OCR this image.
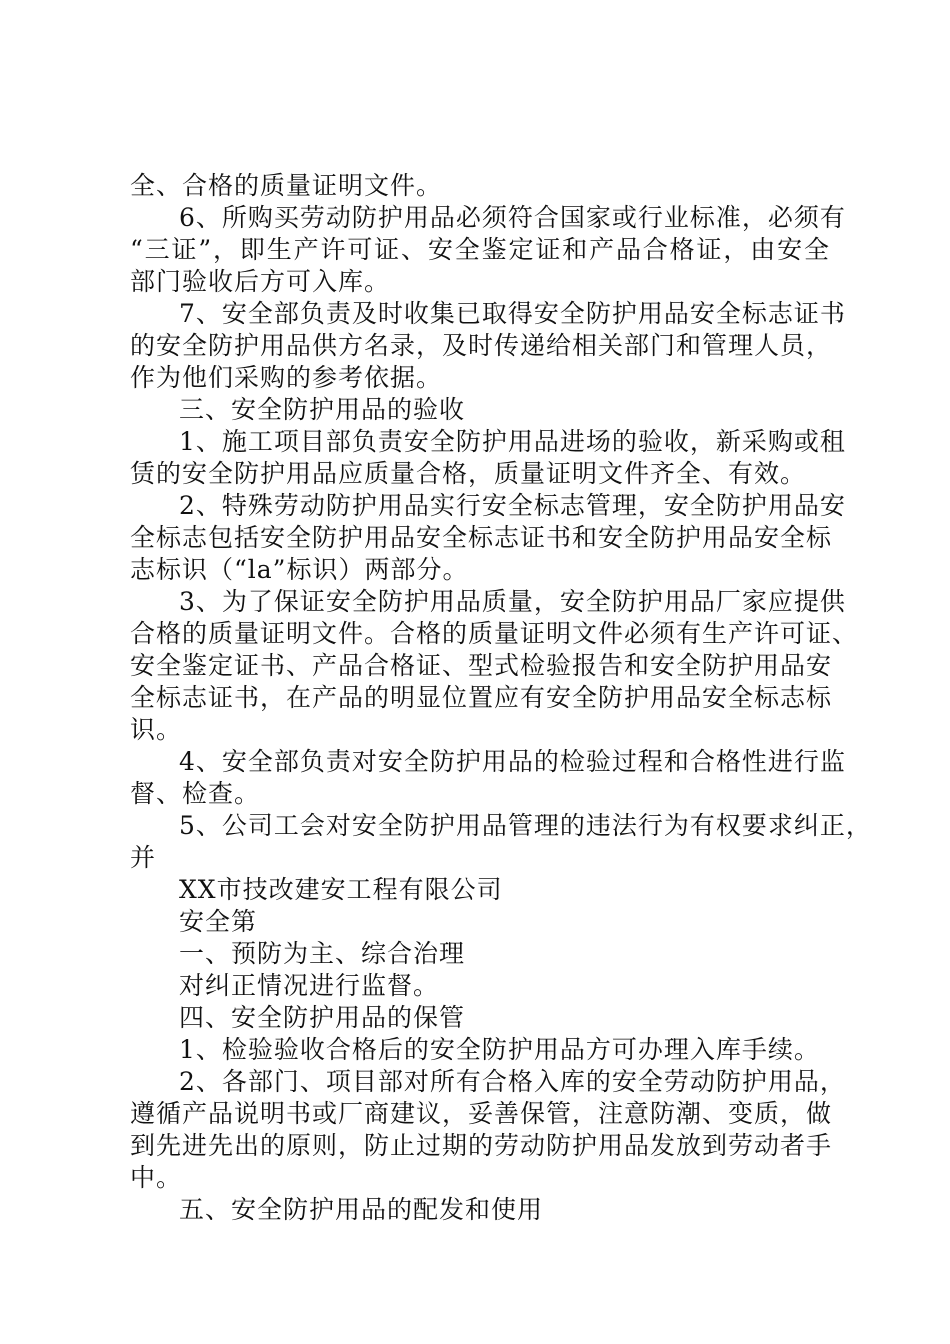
全、合格的质量证明文件。
6、所购买劳动防护用品必须符合国家或行业标准，必须有
“三证”，即生产许可证、安全鉴定证和产品合格证，由安全
部门验收后方可入库。
7、安全部负责及时收集已取得安全防护用品安全标志证书
的安全防护用品供方名录，及时传递给相关部门和管理人员，
作为他们采购的参考依据。
三、安全防护用品的验收
1、施工项目部负责安全防护用品进场的验收，新采购或租
赁的安全防护用品应质量合格，质量证明文件齐全、有效。
2、特殊劳动防护用品实行安全标志管理，安全防护用品安
全标志包括安全防护用品安全标志证书和安全防护用品安全标
志标识（“la”标识）两部分。
3、为了保证安全防护用品质量，安全防护用品厂家应提供
合格的质量证明文件。合格的质量证明文件必须有生产许可证、
安全鉴定证书、产品合格证、型式检验报告和安全防护用品安
全标志证书，在产品的明显位置应有安全防护用品安全标志标
识。
4、安全部负责对安全防护用品的检验过程和合格性进行监
督、检查。
5、公司工会对安全防护用品管理的违法行为有权要求纠正，
并
XX市技改建安工程有限公司
安全第
一、预防为主、综合治理
对纠正情况进行监督。
四、安全防护用品的保管
1、检验验收合格后的安全防护用品方可办理入库手续。
2、各部门、项目部对所有合格入库的安全劳动防护用品，
遵循产品说明书或厂商建议，妥善保管，注意防潮、变质，做
到先进先出的原则，防止过期的劳动防护用品发放到劳动者手
中。
五、安全防护用品的配发和使用
